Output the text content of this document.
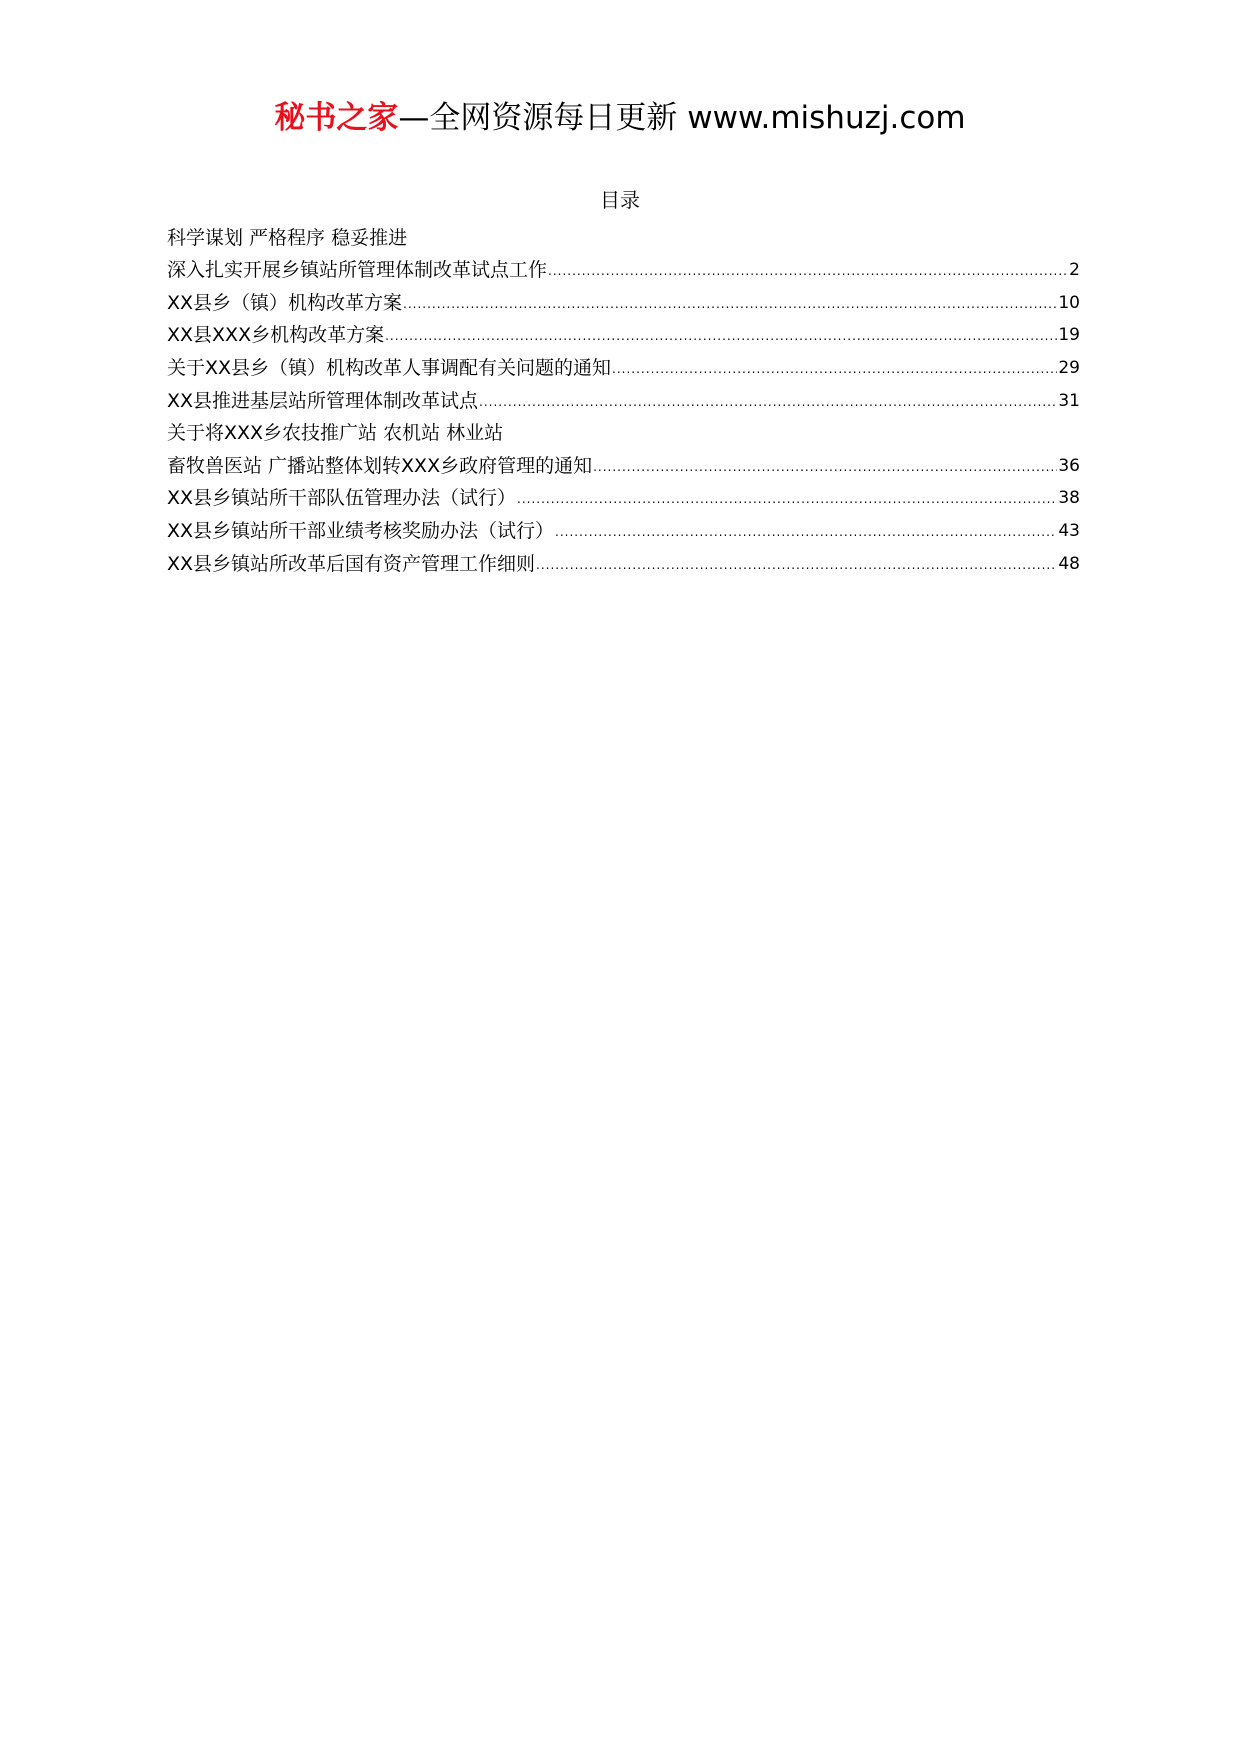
秘书之家—全网资源每日更新 www.mishuzj.com
目录
科学谋划 严格程序 稳妥推进
深入扎实开展乡镇站所管理体制改革试点工作 .....	2
XX县乡（镇）机构改革方案 .....	10
XX县XXX乡机构改革方案 .....	19
关于XX县乡（镇）机构改革人事调配有关问题的通知 .....	29
XX县推进基层站所管理体制改革试点 .....	31
关于将XXX乡农技推广站 农机站 林业站
畜牧兽医站 广播站整体划转XXX乡政府管理的通知 .....	36
XX县乡镇站所干部队伍管理办法（试行） .....	38
XX县乡镇站所干部业绩考核奖励办法（试行） .....	43
XX县乡镇站所改革后国有资产管理工作细则 .....	48
